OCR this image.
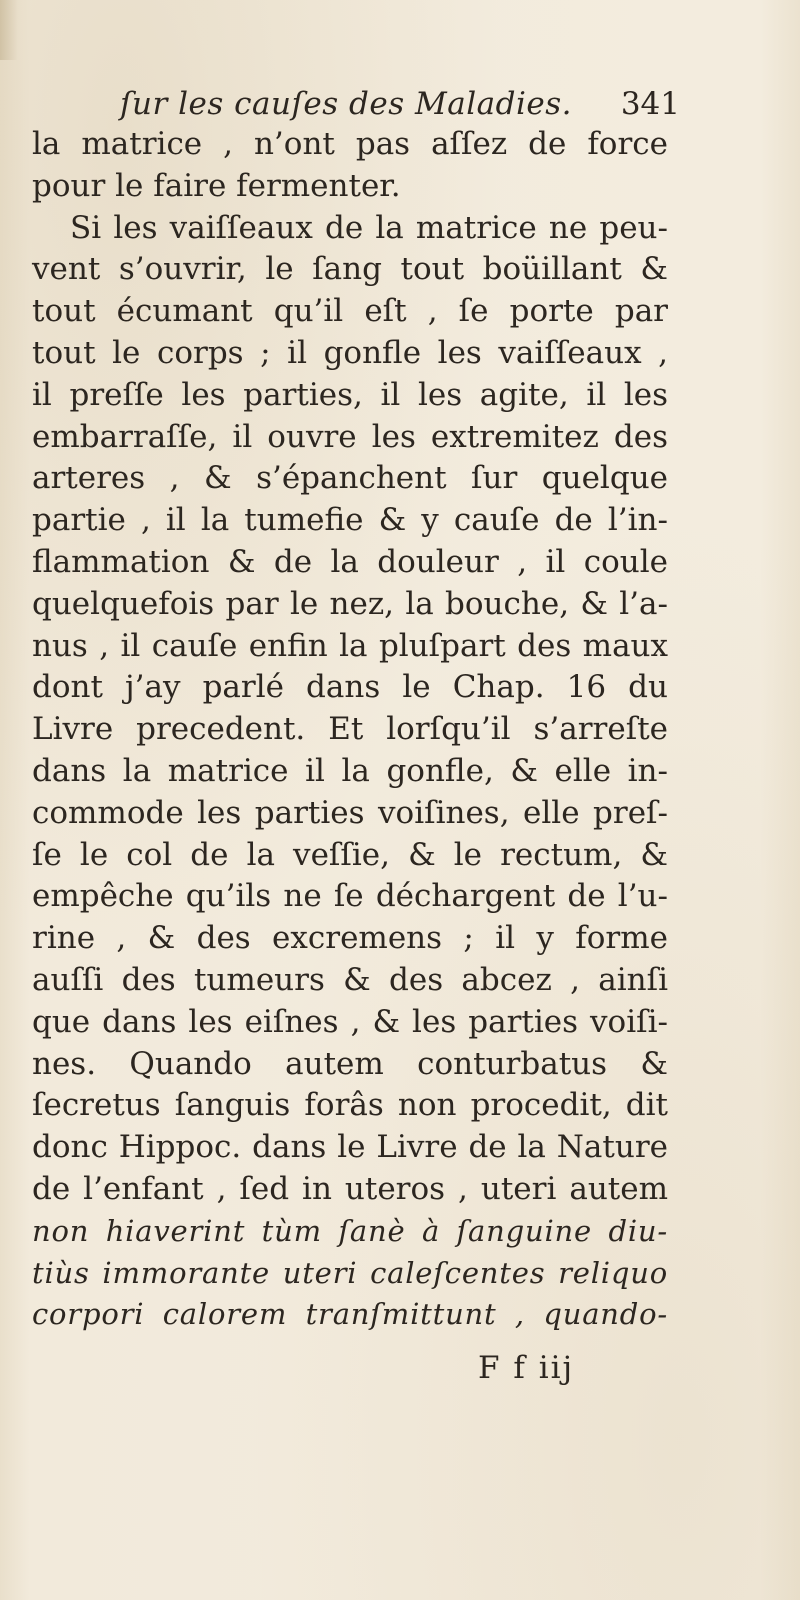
ſur les cauſes des Maladies. 341
la matrice , n’ont pas aſſez de force
pour le faire fermenter.
Si les vaiſſeaux de la matrice ne peu-
vent s’ouvrir, le ſang tout boüillant &
tout écumant qu’il eſt , ſe porte par
tout le corps ; il gonfle les vaiſſeaux ,
il preſſe les parties, il les agite, il les
embarraſſe, il ouvre les extremitez des
arteres , & s’épanchent ſur quelque
partie , il la tumefie & y cauſe de l’in-
flammation & de la douleur , il coule
quelquefois par le nez, la bouche, & l’a-
nus , il cauſe enfin la pluſpart des maux
dont j’ay parlé dans le Chap. 16 du
Livre precedent. Et lorſqu’il s’arreſte
dans la matrice il la gonfle, & elle in-
commode les parties voiſines, elle preſ-
ſe le col de la veſſie, & le rectum, &
empêche qu’ils ne ſe déchargent de l’u-
rine , & des excremens ; il y forme
auſſi des tumeurs & des abcez , ainſi
que dans les eiſnes , & les parties voiſi-
nes. Quando autem conturbatus &
ſecretus ſanguis forâs non procedit, dit
donc Hippoc. dans le Livre de la Nature
de l’enfant , ſed in uteros , uteri autem
non hiaverint tùm ſanè à ſanguine diu-
tiùs immorante uteri caleſcentes reliquo
corpori calorem tranſmittunt , quando-
F f iij
